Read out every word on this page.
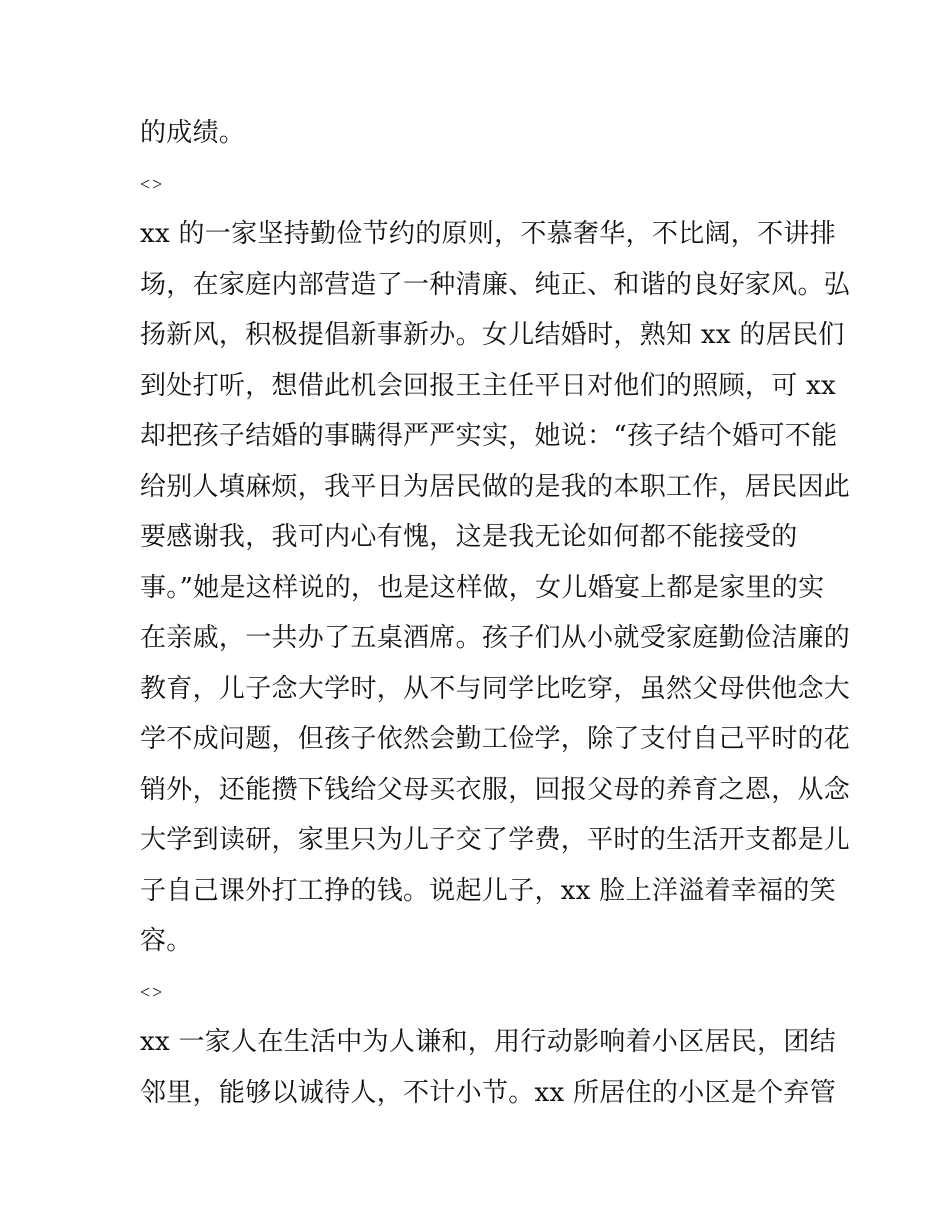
的成绩。
<>
xx 的一家坚持勤俭节约的原则，不慕奢华，不比阔，不讲排
场，在家庭内部营造了一种清廉、纯正、和谐的良好家风。弘
扬新风，积极提倡新事新办。女儿结婚时，熟知 xx 的居民们
到处打听，想借此机会回报王主任平日对他们的照顾，可 xx
却把孩子结婚的事瞒得严严实实，她说：“孩子结个婚可不能
给别人填麻烦，我平日为居民做的是我的本职工作，居民因此
要感谢我，我可内心有愧，这是我无论如何都不能接受的
事。”她是这样说的，也是这样做，女儿婚宴上都是家里的实
在亲戚，一共办了五桌酒席。孩子们从小就受家庭勤俭洁廉的
教育，儿子念大学时，从不与同学比吃穿，虽然父母供他念大
学不成问题，但孩子依然会勤工俭学，除了支付自己平时的花
销外，还能攒下钱给父母买衣服，回报父母的养育之恩，从念
大学到读研，家里只为儿子交了学费，平时的生活开支都是儿
子自己课外打工挣的钱。说起儿子，xx 脸上洋溢着幸福的笑
容。
<>
xx 一家人在生活中为人谦和，用行动影响着小区居民，团结
邻里，能够以诚待人，不计小节。xx 所居住的小区是个弃管
